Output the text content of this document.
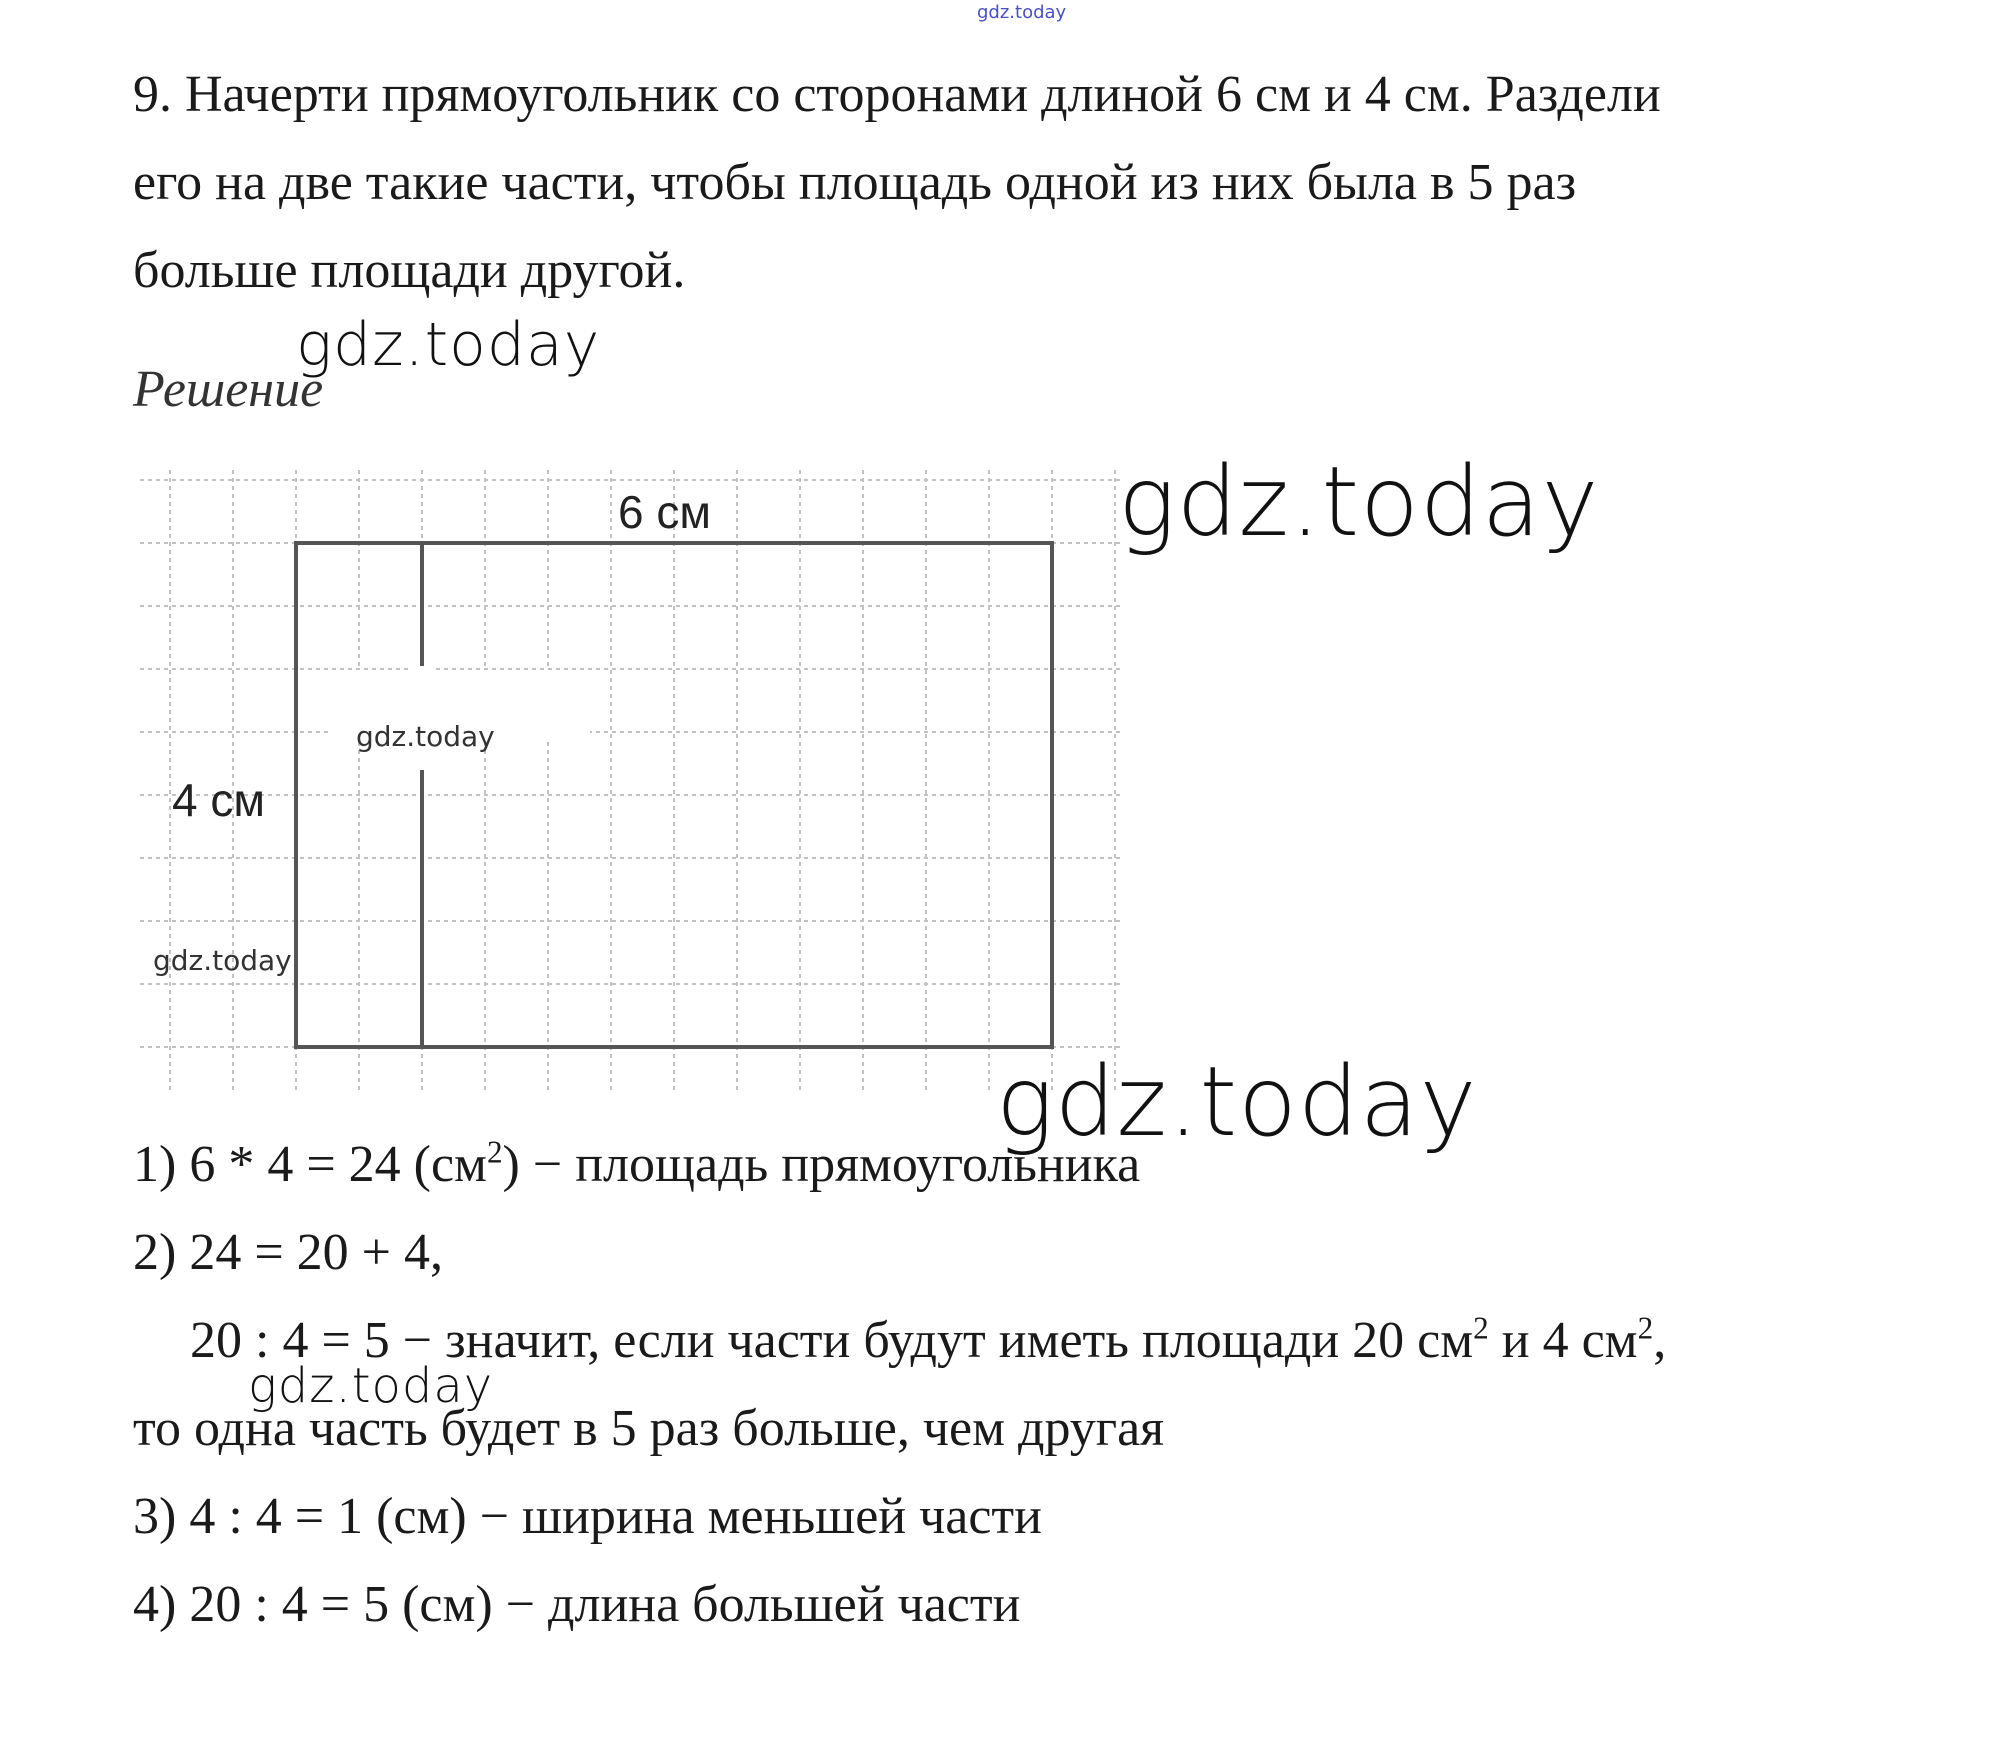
gdz.today
9. Начерти прямоугольник со сторонами длиной 6 см и 4 см. Раздели
его на две такие части, чтобы площадь одной из них была в 5 раз
больше площади другой.
gdz.today
Решение
6 см
4 см
gdz.today
gdz.today
gdz.today
gdz.today
1) 6 * 4 = 24 $(см^2)$ − площадь прямоугольника
2) 24 = 20 + 4,
20 : 4 = 5 − значит, если части будут иметь площади 20 $см^2$ и 4 $см^2$,
gdz.today
то одна часть будет в 5 раз больше, чем другая
3) 4 : 4 = 1 (см) − ширина меньшей части
4) 20 : 4 = 5 (см) − длина большей части
